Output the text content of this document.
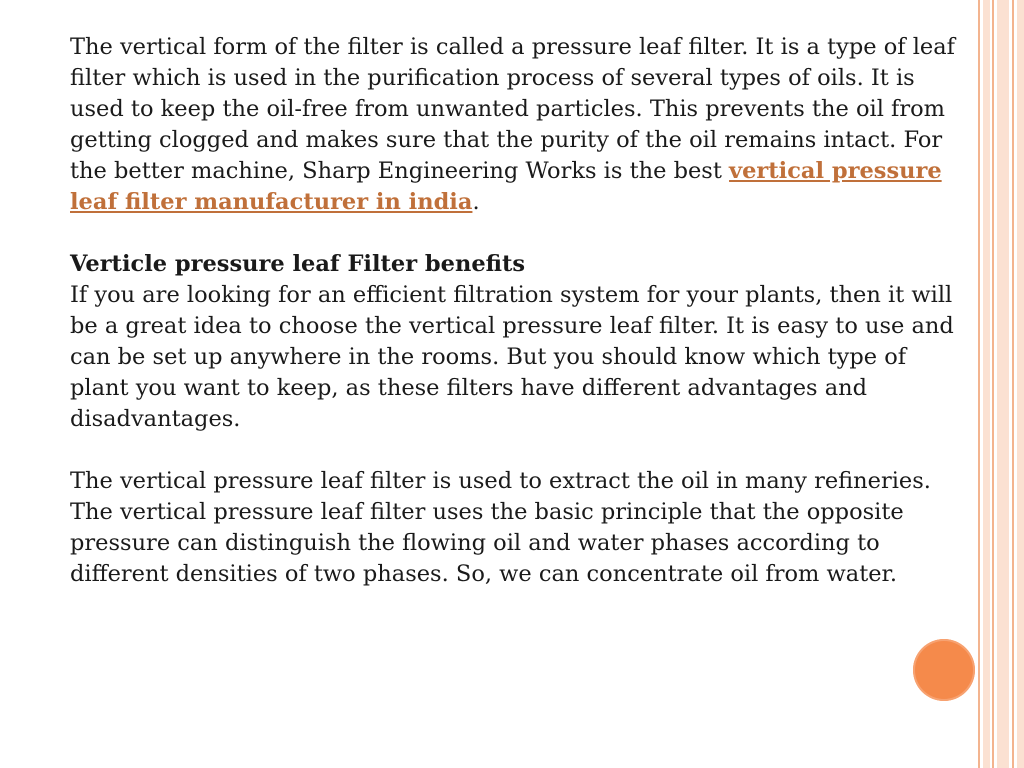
The vertical form of the filter is called a pressure leaf filter. It is a type of leaf filter which is used in the purification process of several types of oils. It is used to keep the oil-free from unwanted particles. This prevents the oil from getting clogged and makes sure that the purity of the oil remains intact. For the better machine, Sharp Engineering Works is the best vertical pressure leaf filter manufacturer in india.

Verticle pressure leaf Filter benefits

If you are looking for an efficient filtration system for your plants, then it will be a great idea to choose the vertical pressure leaf filter. It is easy to use and can be set up anywhere in the rooms. But you should know which type of plant you want to keep, as these filters have different advantages and disadvantages.

The vertical pressure leaf filter is used to extract the oil in many refineries. The vertical pressure leaf filter uses the basic principle that the opposite pressure can distinguish the flowing oil and water phases according to different densities of two phases. So, we can concentrate oil from water.
